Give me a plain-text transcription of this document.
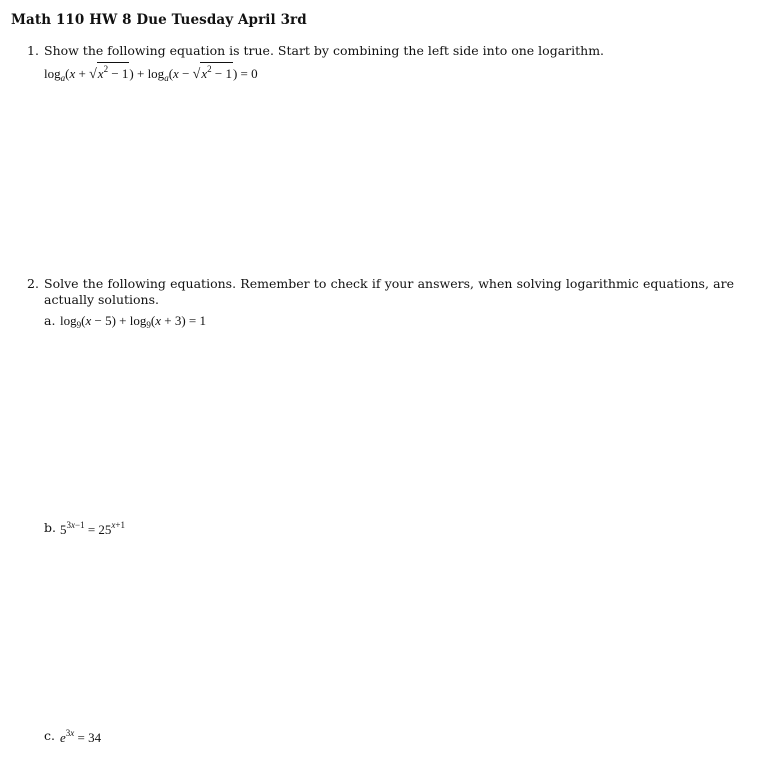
Math 110 HW 8 Due Tuesday April 3rd
1. Show the following equation is true. Start by combining the left side into one logarithm.
$\log_a(x + √x^2 - 1) + \log_a(x - √x^2 - 1) = 0$
2. Solve the following equations. Remember to check if your answers, when solving logarithmic equations, are actually solutions.
a. $\log_9(x - 5) + \log_9(x + 3) = 1$
b. $5^{3x-1} = 25^{x+1}$
c. $e^{3x} = 34$
